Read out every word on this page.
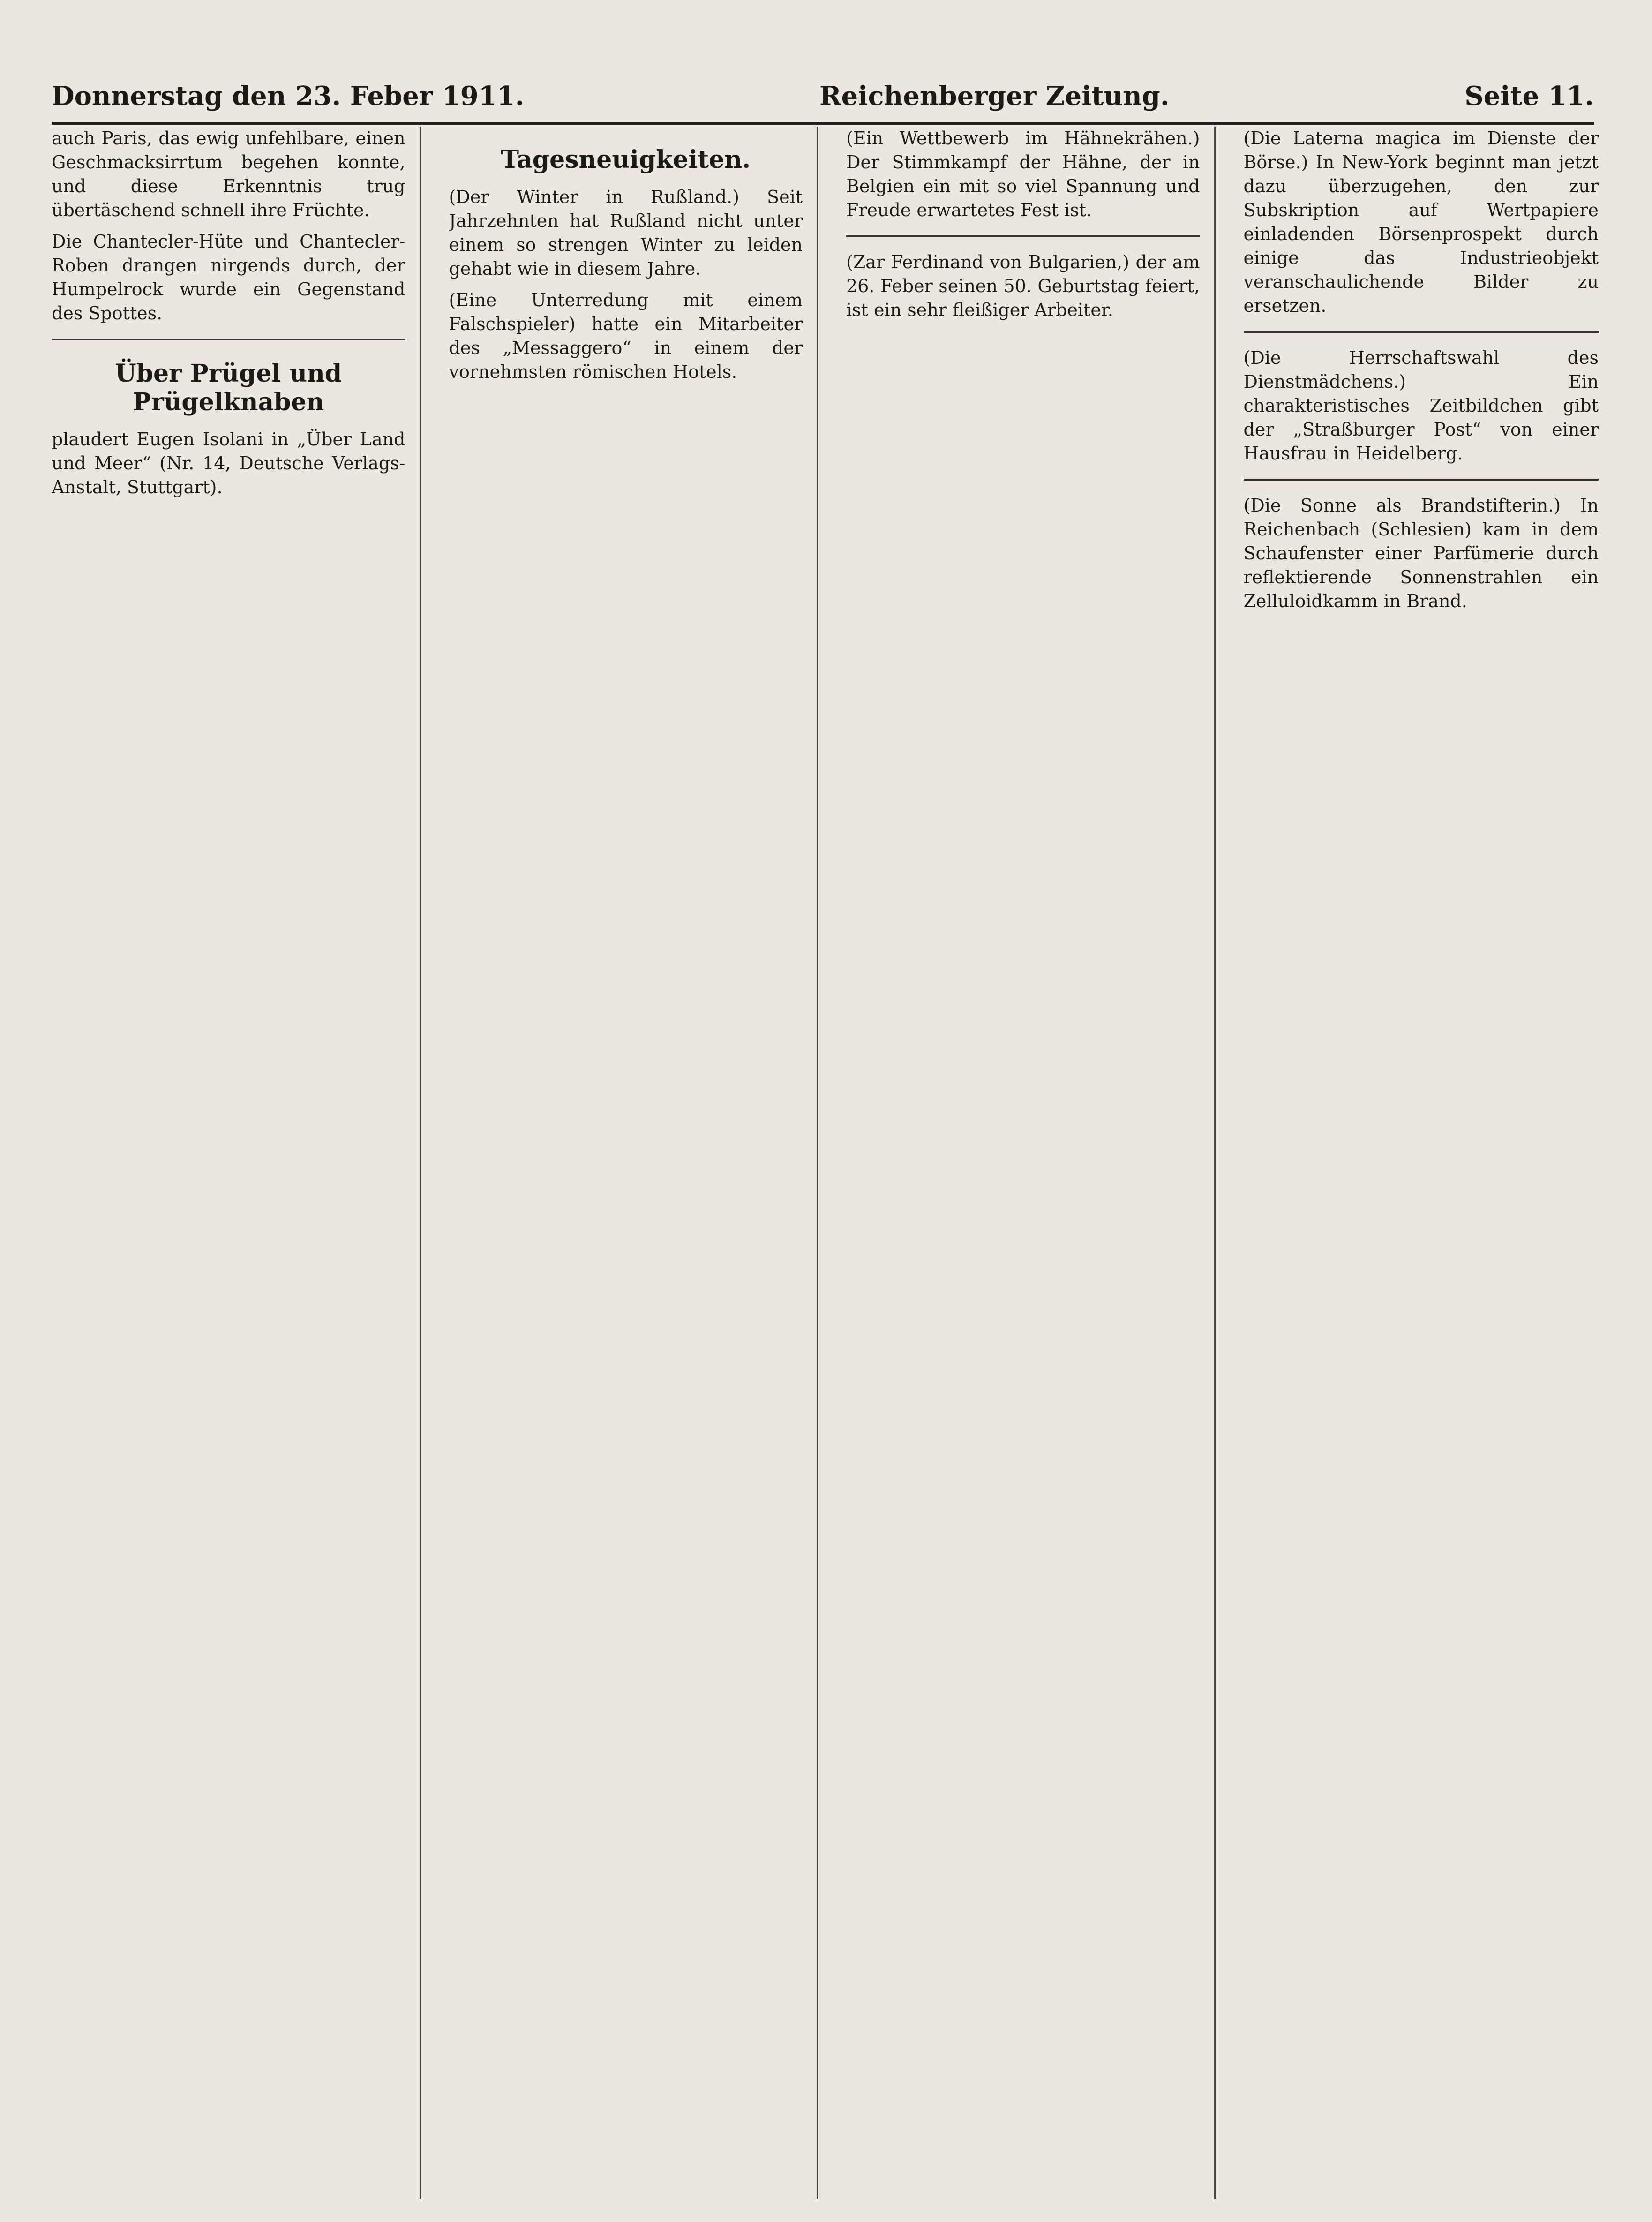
Donnerstag den 23. Feber 1911.	Reichenberger Zeitung.	Seite 11.

auch Paris, das ewig unfehlbare, einen Geschmacksirrtum begehen konnte, und diese Erkenntnis trug übertäschend schnell ihre Früchte.

Die Chantecler-Hüte und Chantecler-Roben drangen nirgends durch, der Humpelrock wurde ein Gegenstand des Spottes.

Über Prügel und Prügelknaben

plaudert Eugen Isolani in „Über Land und Meer“ (Nr. 14, Deutsche Verlags-Anstalt, Stuttgart).

Tagesneuigkeiten.

(Der Winter in Rußland.) Seit Jahrzehnten hat Rußland nicht unter einem so strengen Winter zu leiden gehabt wie in diesem Jahre.

(Eine Unterredung mit einem Falschspieler) hatte ein Mitarbeiter des „Messaggero“ in einem der vornehmsten römischen Hotels.

(Ein Wettbewerb im Hähnekrähen.) Der Stimmkampf der Hähne, der in Belgien ein mit so viel Spannung und Freude erwartetes Fest ist.

(Zar Ferdinand von Bulgarien,) der am 26. Feber seinen 50. Geburtstag feiert, ist ein sehr fleißiger Arbeiter.

(Die Laterna magica im Dienste der Börse.) In New-York beginnt man jetzt dazu überzugehen, den zur Subskription auf Wertpapiere einladenden Börsenprospekt durch einige das Industrieobjekt veranschaulichende Bilder zu ersetzen.

(Die Herrschaftswahl des Dienstmädchens.) Ein charakteristisches Zeitbildchen gibt der „Straßburger Post“ von einer Hausfrau in Heidelberg.

(Die Sonne als Brandstifterin.) In Reichenbach (Schlesien) kam in dem Schaufenster einer Parfümerie durch reflektierende Sonnenstrahlen ein Zelluloidkamm in Brand.
